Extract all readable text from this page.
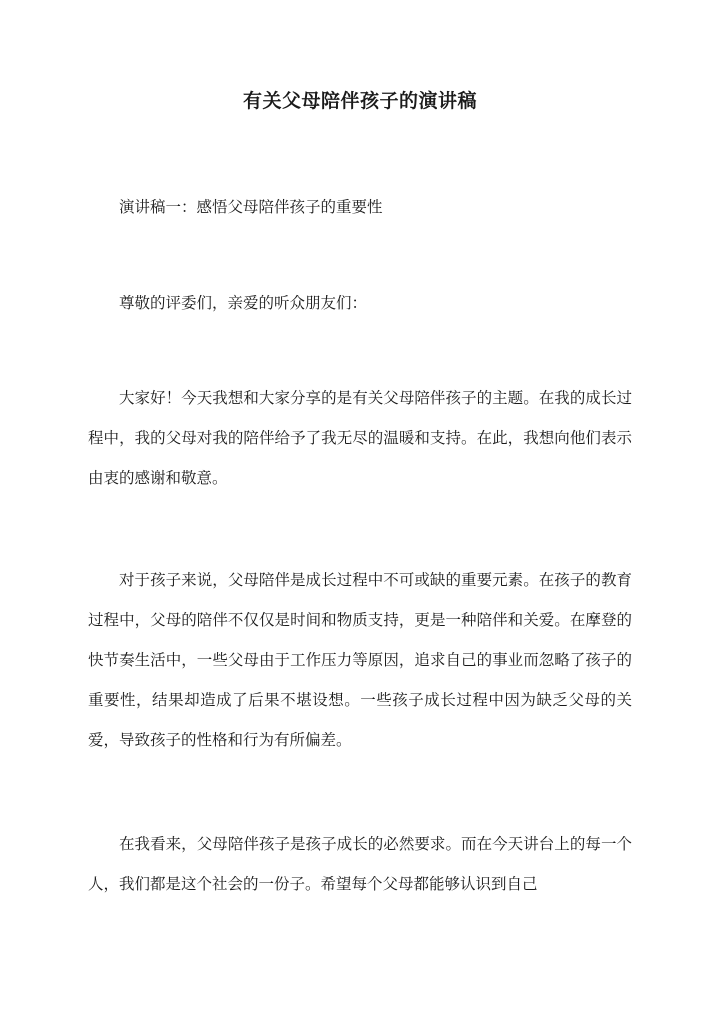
有关父母陪伴孩子的演讲稿
演讲稿一：感悟父母陪伴孩子的重要性
尊敬的评委们，亲爱的听众朋友们：
大家好！今天我想和大家分享的是有关父母陪伴孩子的主题。在我的成长过程中，我的父母对我的陪伴给予了我无尽的温暖和支持。在此，我想向他们表示由衷的感谢和敬意。
对于孩子来说，父母陪伴是成长过程中不可或缺的重要元素。在孩子的教育过程中，父母的陪伴不仅仅是时间和物质支持，更是一种陪伴和关爱。在摩登的快节奏生活中，一些父母由于工作压力等原因，追求自己的事业而忽略了孩子的重要性，结果却造成了后果不堪设想。一些孩子成长过程中因为缺乏父母的关爱，导致孩子的性格和行为有所偏差。
在我看来，父母陪伴孩子是孩子成长的必然要求。而在今天讲台上的每一个人，我们都是这个社会的一份子。希望每个父母都能够认识到自己
